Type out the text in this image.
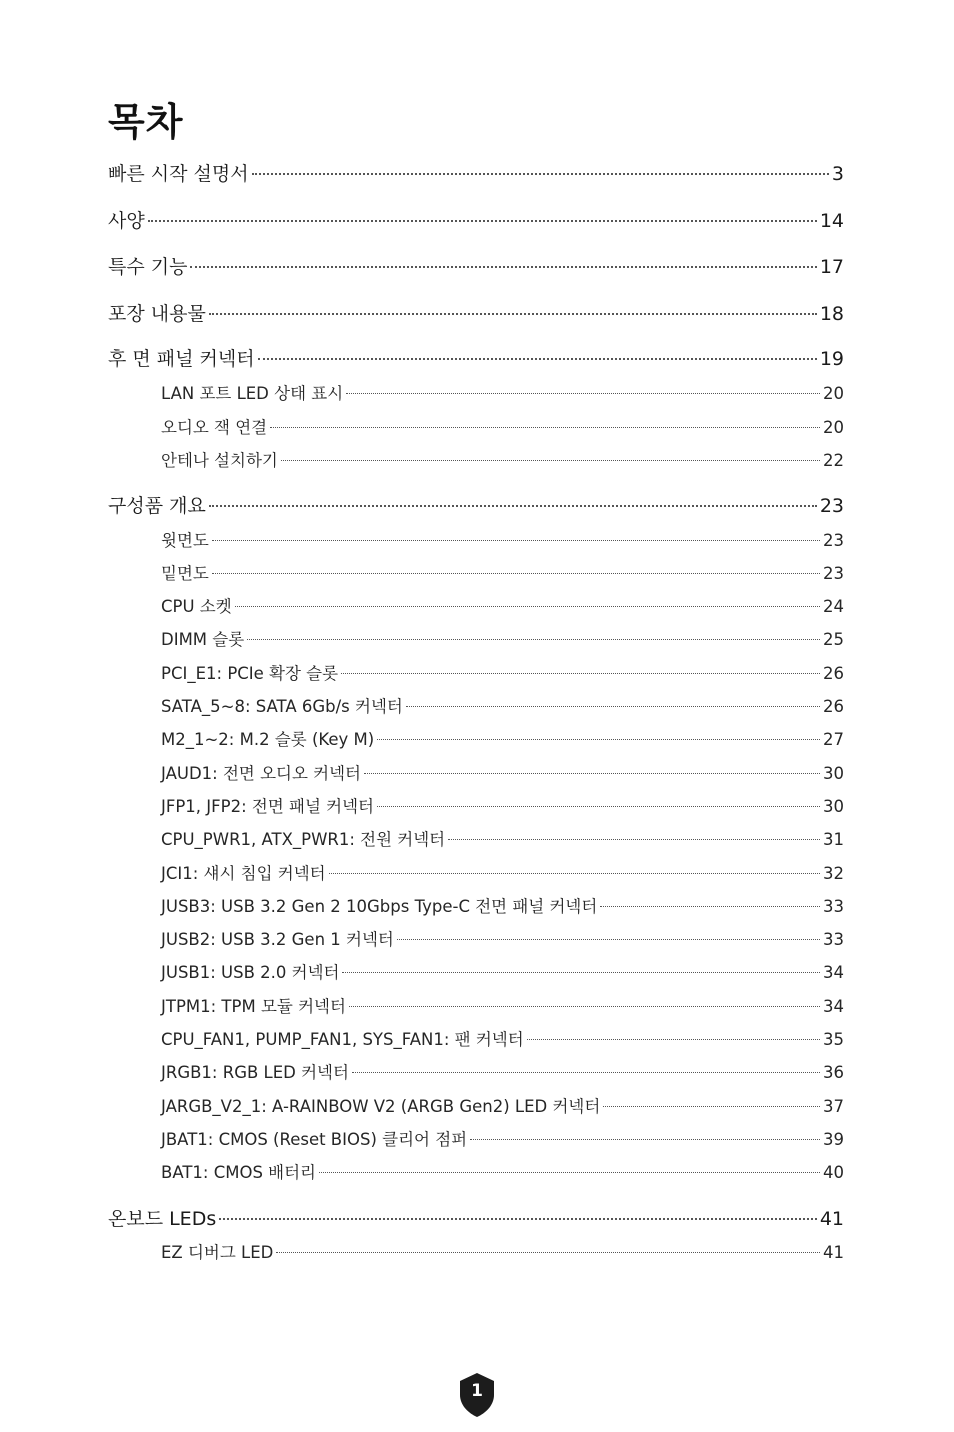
목차
빠른 시작 설명서	3
사양	14
특수 기능	17
포장 내용물	18
후 면 패널 커넥터	19
LAN 포트 LED 상태 표시	20
오디오 잭 연결	20
안테나 설치하기	22
구성품 개요	23
윗면도	23
밑면도	23
CPU 소켓	24
DIMM 슬롯	25
PCI_E1: PCIe 확장 슬롯	26
SATA_5~8: SATA 6Gb/s 커넥터	26
M2_1~2: M.2 슬롯 (Key M)	27
JAUD1: 전면 오디오 커넥터	30
JFP1, JFP2: 전면 패널 커넥터	30
CPU_PWR1, ATX_PWR1: 전원 커넥터	31
JCI1: 섀시 침입 커넥터	32
JUSB3: USB 3.2 Gen 2 10Gbps Type-C 전면 패널 커넥터	33
JUSB2: USB 3.2 Gen 1 커넥터	33
JUSB1: USB 2.0 커넥터	34
JTPM1: TPM 모듈 커넥터	34
CPU_FAN1, PUMP_FAN1, SYS_FAN1: 팬 커넥터	35
JRGB1: RGB LED 커넥터	36
JARGB_V2_1: A-RAINBOW V2 (ARGB Gen2) LED 커넥터	37
JBAT1: CMOS (Reset BIOS) 클리어 점퍼	39
BAT1: CMOS 배터리	40
온보드 LEDs	41
EZ 디버그 LED	41
1
